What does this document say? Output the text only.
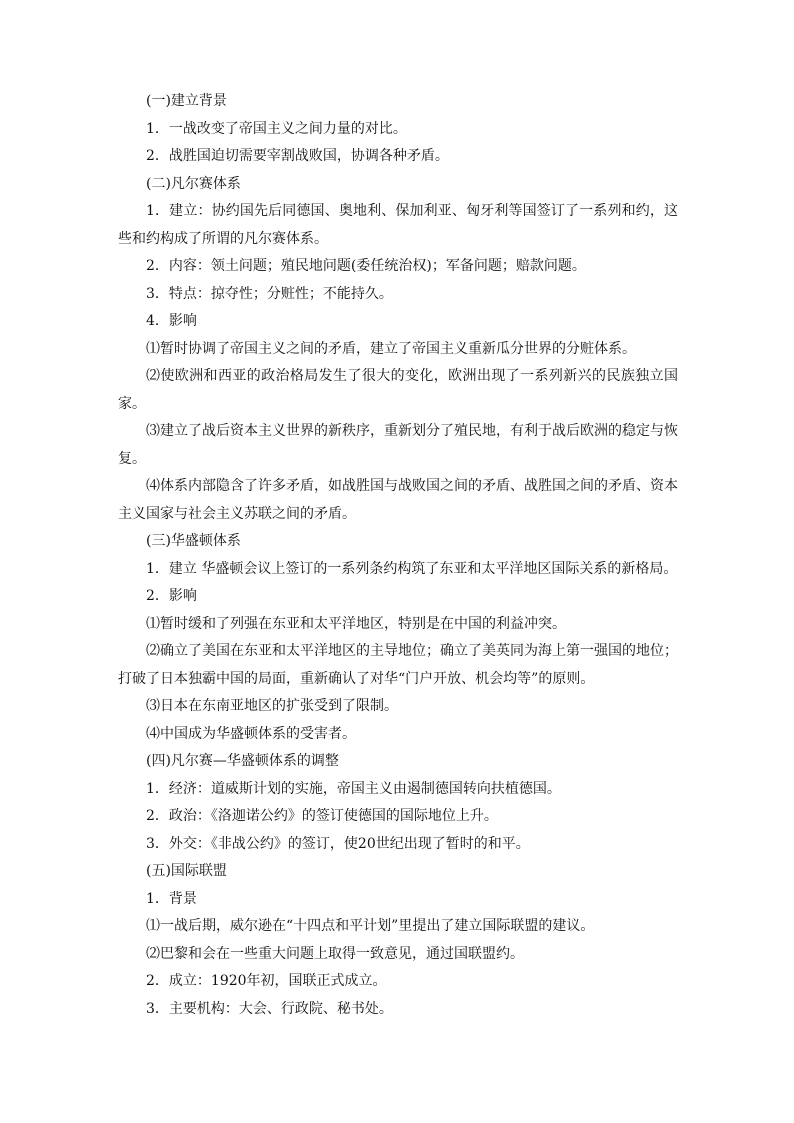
(一)建立背景

1．一战改变了帝国主义之间力量的对比。

2．战胜国迫切需要宰割战败国，协调各种矛盾。

(二)凡尔赛体系

1．建立：协约国先后同德国、奥地利、保加利亚、匈牙利等国签订了一系列和约，这些和约构成了所谓的凡尔赛体系。

2．内容：领土问题；殖民地问题(委任统治权)；军备问题；赔款问题。

3．特点：掠夺性；分赃性；不能持久。

4．影响

⑴暂时协调了帝国主义之间的矛盾，建立了帝国主义重新瓜分世界的分赃体系。

⑵使欧洲和西亚的政治格局发生了很大的变化，欧洲出现了一系列新兴的民族独立国家。

⑶建立了战后资本主义世界的新秩序，重新划分了殖民地，有利于战后欧洲的稳定与恢复。

⑷体系内部隐含了许多矛盾，如战胜国与战败国之间的矛盾、战胜国之间的矛盾、资本主义国家与社会主义苏联之间的矛盾。

(三)华盛顿体系

1．建立 华盛顿会议上签订的一系列条约构筑了东亚和太平洋地区国际关系的新格局。

2．影响

⑴暂时缓和了列强在东亚和太平洋地区，特别是在中国的利益冲突。

⑵确立了美国在东亚和太平洋地区的主导地位；确立了美英同为海上第一强国的地位；打破了日本独霸中国的局面，重新确认了对华“门户开放、机会均等”的原则。

⑶日本在东南亚地区的扩张受到了限制。

⑷中国成为华盛顿体系的受害者。

(四)凡尔赛—华盛顿体系的调整

1．经济：道威斯计划的实施，帝国主义由遏制德国转向扶植德国。

2．政治：《洛迦诺公约》的签订使德国的国际地位上升。

3．外交：《非战公约》的签订，使20世纪出现了暂时的和平。

(五)国际联盟

1．背景

⑴一战后期，威尔逊在“十四点和平计划”里提出了建立国际联盟的建议。

⑵巴黎和会在一些重大问题上取得一致意见，通过国联盟约。

2．成立：1920年初，国联正式成立。

3．主要机构：大会、行政院、秘书处。
